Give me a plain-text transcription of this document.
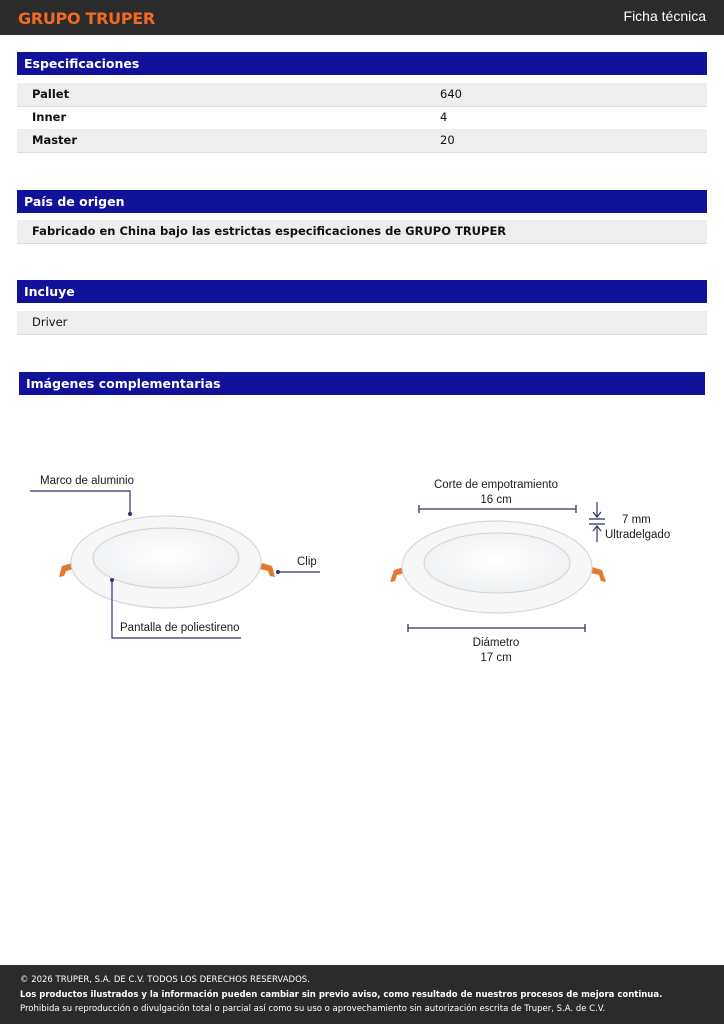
GRUPO TRUPER	Ficha técnica
Especificaciones
Pallet	640
Inner	4
Master	20
País de origen
Fabricado en China bajo las estrictas especificaciones de GRUPO TRUPER
Incluye
Driver
Imágenes complementarias
Marco de aluminio
Clip
Pantalla de poliestireno
Corte de empotramiento
16 cm
7 mm
Ultradelgado
Diámetro
17 cm
© 2026 TRUPER, S.A. DE C.V. TODOS LOS DERECHOS RESERVADOS.
Los productos ilustrados y la información pueden cambiar sin previo aviso, como resultado de nuestros procesos de mejora continua.
Prohibida su reproducción o divulgación total o parcial así como su uso o aprovechamiento sin autorización escrita de Truper, S.A. de C.V.
